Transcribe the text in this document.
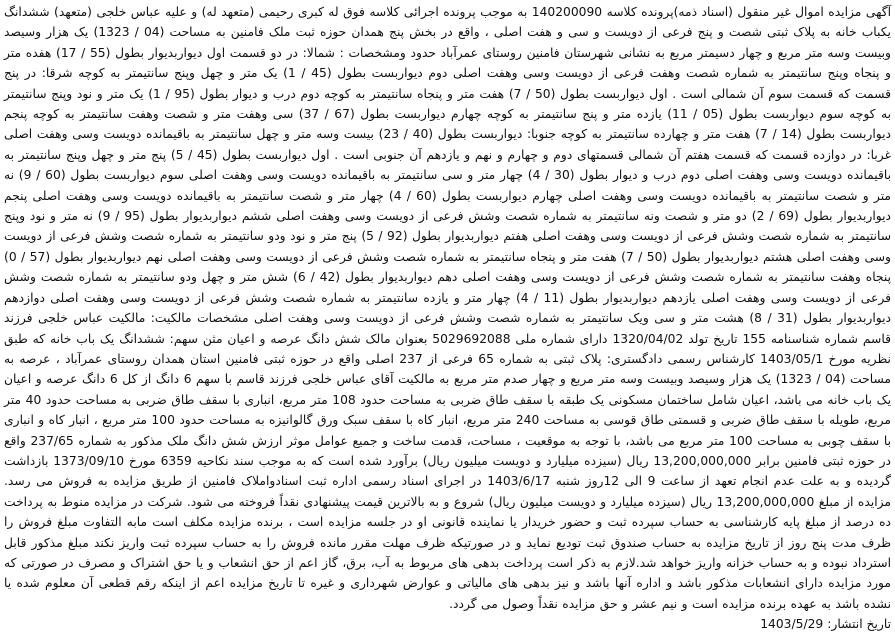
آگهی مزایده اموال غیر منقول (اسناد ذمه)پرونده کلاسه 140200090 به موجب پرونده اجرائی کلاسه فوق له کبری رحیمی (متعهد له) و علیه عباس خلجی (متعهد) ششدانگ یکباب خانه به پلاک ثبتی شصت و پنج فرعی از دویست و سی و هفت اصلی ، واقع در بخش پنج همدان حوزه ثبت ملک فامنین به مساحت (04 / 1323) یک هزار وسیصد وبیست وسه متر مربع و چهار دسیمتر مربع به نشانی شهرستان فامنین روستای عمرآباد حدود ومشخصات : شمالا: در دو قسمت اول دیواربدیوار بطول (55 / 17) هفده متر و پنجاه وپنج سانتیمتر به شماره شصت وهفت فرعی از دویست وسی وهفت اصلی دوم دیواربست بطول (45 / 1) یک متر و چهل وپنج سانتیمتر به کوچه شرقا: در پنج قسمت که قسمت سوم آن شمالی است . اول دیواربست بطول (50 / 7) هفت متر و پنجاه سانتیمتر به کوچه دوم درب و دیوار بطول (95 / 1) یک متر و نود وپنج سانتیمتر به کوچه سوم دیواربست بطول (05 / 11) یازده متر و پنج سانتیمتر به کوچه چهارم دیواربست بطول (67 / 37) سی وهفت متر و شصت وهفت سانتیمتر به کوچه پنجم دیواربست بطول (14 / 7) هفت متر و چهارده سانتیمتر به کوچه جنوبا: دیواربست بطول (40 / 23) بیست وسه متر و چهل سانتیمتر به باقیمانده دویست وسی وهفت اصلی غربا: در دوازده قسمت که قسمت هفتم آن شمالی قسمتهای دوم و چهارم و نهم و یازدهم آن جنوبی است . اول دیواربست بطول (45 / 5) پنج متر و چهل وپنج سانتیمتر به باقیمانده دویست وسی وهفت اصلی دوم درب و دیوار بطول (30 / 4) چهار متر و سی سانتیمتر به باقیمانده دویست وسی وهفت اصلی سوم دیواربست بطول (60 / 9) نه متر و شصت سانتیمتر به باقیمانده دویست وسی وهفت اصلی چهارم دیواربست بطول (60 / 4) چهار متر و شصت سانتیمتر به باقیمانده دویست وسی وهفت اصلی پنجم دیواربدیوار بطول (69 / 2) دو متر و شصت ونه سانتیمتر به شماره شصت وشش فرعی از دویست وسی وهفت اصلی ششم دیواربدیوار بطول (95 / 9) نه متر و نود وپنج سانتیمتر به شماره شصت وشش فرعی از دویست وسی وهفت اصلی هفتم دیواربدیوار بطول (92 / 5) پنج متر و نود ودو سانتیمتر به شماره شصت وشش فرعی از دویست وسی وهفت اصلی هشتم دیواربدیوار بطول (50 / 7) هفت متر و پنجاه سانتیمتر به شماره شصت وشش فرعی از دویست وسی وهفت اصلی نهم دیواربدیوار بطول (57 / 0) پنجاه وهفت سانتیمتر به شماره شصت وشش فرعی از دویست وسی وهفت اصلی دهم دیواربدیوار بطول (42 / 6) شش متر و چهل ودو سانتیمتر به شماره شصت وشش فرعی از دویست وسی وهفت اصلی یازدهم دیواربدیوار بطول (11 / 4) چهار متر و یازده سانتیمتر به شماره شصت وشش فرعی از دویست وسی وهفت اصلی دوازدهم دیواربدیوار بطول (31 / 8) هشت متر و سی ویک سانتیمتر به شماره شصت وشش فرعی از دویست وسی وهفت اصلی مشخصات مالکیت: مالکیت عباس خلجی فرزند قاسم شماره شناسنامه 155 تاریخ تولد 1320/04/02 دارای شماره ملی 5029692088 بعنوان مالک شش دانگ عرصه و اعیان مثن سهم: ششدانگ یک باب خانه که طبق نظریه مورخ 1403/05/1 کارشناس رسمی دادگستری: پلاک ثبتی به شماره 65 فرعی از 237 اصلی واقع در حوزه ثبتی فامنین استان همدان روستای عمرآباد ، عرصه به مساحت (04 / 1323) یک هزار وسیصد وبیست وسه متر مربع و چهار صدم متر مربع به مالکیت آقای عباس خلجی فرزند قاسم با سهم 6 دانگ از کل 6 دانگ عرصه و اعیان یک باب خانه می باشد، اعیان شامل ساختمان مسکونی یک طبقه با سقف طاق ضربی به مساحت حدود 108 متر مربع، انباری با سقف طاق ضربی به مساحت حدود 40 متر مربع، طویله با سقف طاق ضربی و قسمتی طاق قوسی به مساحت 240 متر مربع، انبار کاه با سقف سبک ورق گالوانیزه به مساحت حدود 100 متر مربع ، انبار کاه و انباری با سقف چوبی به مساحت 100 متر مربع می باشد، با توجه به موقعیت ، مساحت، قدمت ساخت و جمیع عوامل موثر ارزش شش دانگ ملک مذکور به شماره 237/65 واقع در حوزه ثبتی فامنین برابر 13,200,000,000 ریال (سیزده میلیارد و دویست میلیون ریال) برآورد شده است که به موجب سند نکاحیه 6359 مورخ 1373/09/10 بازداشت گردیده و به علت عدم انجام تعهد از ساعت 9 الی 12روز شنبه 1403/6/17 در اجرای اسناد رسمی اداره ثبت اسنادواملاک فامنین از طریق مزایده به فروش می رسد. مزایده از مبلغ 13,200,000,000 ریال (سیزده میلیارد و دویست میلیون ریال) شروع و به بالاترین قیمت پیشنهادی نقداً فروخته می شود. شرکت در مزایده منوط به پرداخت ده درصد از مبلغ پایه کارشناسی به حساب سپرده ثبت و حضور خریدار یا نماینده قانونی او در جلسه مزایده است ، برنده مزایده مکلف است مابه التفاوت مبلغ فروش را ظرف مدت پنج روز از تاریخ مزایده به حساب صندوق ثبت تودیع نماید و در صورتیکه ظرف مهلت مقرر مانده فروش را به حساب سپرده ثبت واریز نکند مبلغ مذکور قابل استرداد نبوده و به حساب خزانه واریز خواهد شد.لازم به ذکر است پرداخت بدهی های مربوط به آب، برق، گاز اعم از حق انشعاب و یا حق اشتراک و مصرف در صورتی که مورد مزایده دارای انشعابات مذکور باشد و اداره آنها باشد و نیز بدهی های مالیاتی و عوارض شهرداری و غیره تا تاریخ مزایده اعم از اینکه رقم قطعی آن معلوم شده یا نشده باشد به عهده برنده مزایده است و نیم عشر و حق مزایده نقداً وصول می گردد.

تاریخ انتشار:1403/5/29
